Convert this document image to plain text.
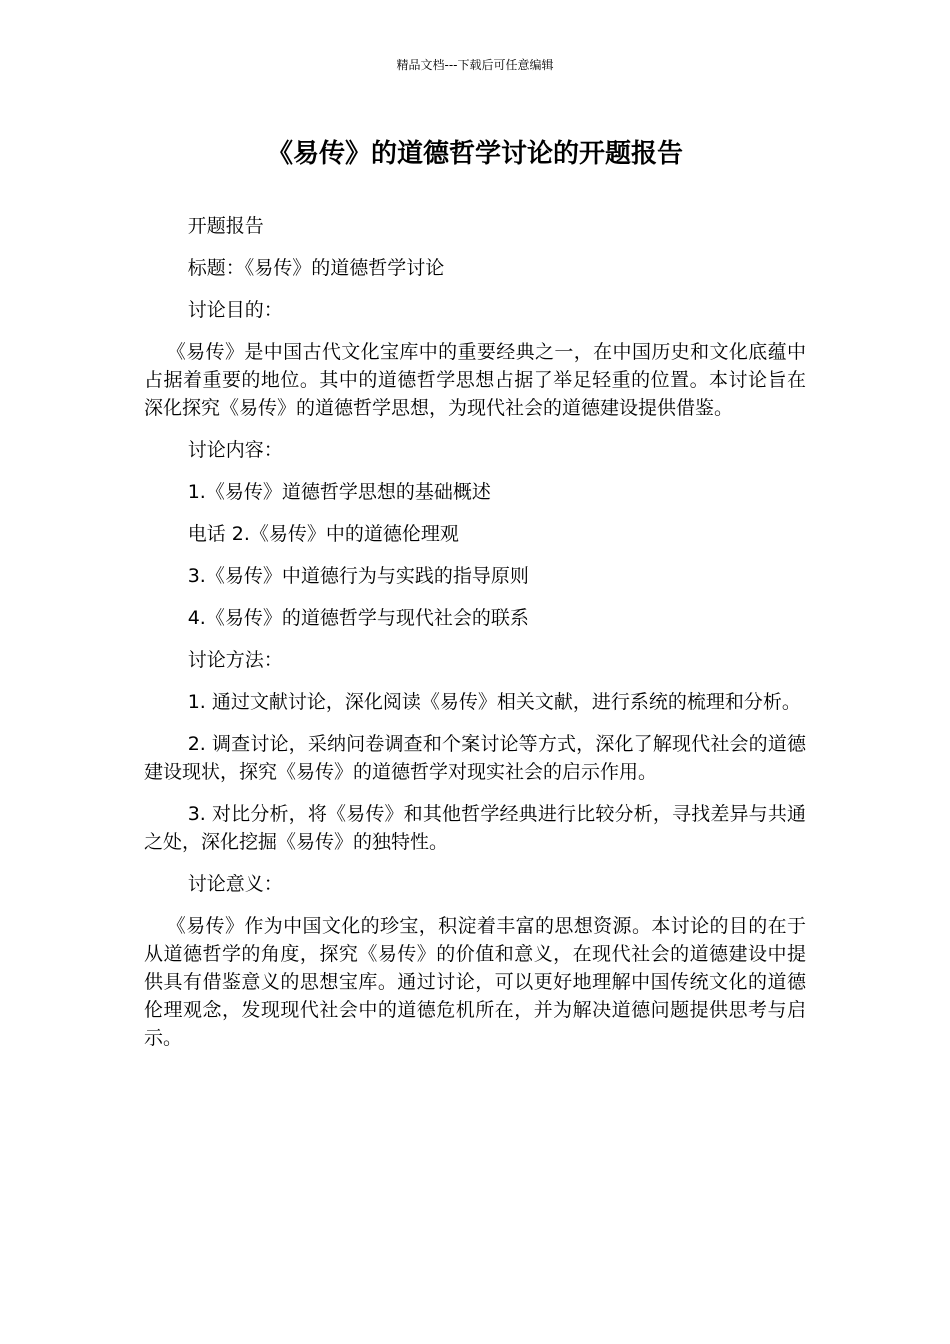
精品文档---下载后可任意编辑
《易传》的道德哲学讨论的开题报告

开题报告

标题：《易传》的道德哲学讨论

讨论目的：

《易传》是中国古代文化宝库中的重要经典之一，在中国历史和文化底蕴中占据着重要的地位。其中的道德哲学思想占据了举足轻重的位置。本讨论旨在深化探究《易传》的道德哲学思想，为现代社会的道德建设提供借鉴。

讨论内容：

1.《易传》道德哲学思想的基础概述

电话 2.《易传》中的道德伦理观

3.《易传》中道德行为与实践的指导原则

4.《易传》的道德哲学与现代社会的联系

讨论方法：

1. 通过文献讨论，深化阅读《易传》相关文献，进行系统的梳理和分析。

2. 调查讨论，采纳问卷调查和个案讨论等方式，深化了解现代社会的道德建设现状，探究《易传》的道德哲学对现实社会的启示作用。

3. 对比分析，将《易传》和其他哲学经典进行比较分析，寻找差异与共通之处，深化挖掘《易传》的独特性。

讨论意义：

《易传》作为中国文化的珍宝，积淀着丰富的思想资源。本讨论的目的在于从道德哲学的角度，探究《易传》的价值和意义，在现代社会的道德建设中提供具有借鉴意义的思想宝库。通过讨论，可以更好地理解中国传统文化的道德伦理观念，发现现代社会中的道德危机所在，并为解决道德问题提供思考与启示。
